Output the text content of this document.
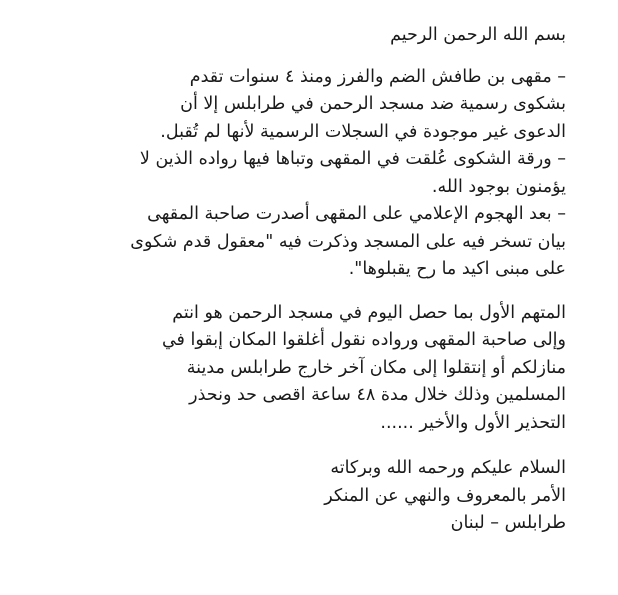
بسم الله الرحمن الرحيم
– مقهى بن طافش الضم والفرز ومنذ ٤ سنوات تقدم
بشكوى رسمية ضد مسجد الرحمن في طرابلس إلا أن
الدعوى غير موجودة في السجلات الرسمية لأنها لم تُقبل.
– ورقة الشكوى عُلقت في المقهى وتباها فيها رواده الذين لا
يؤمنون بوجود الله.
– بعد الهجوم الإعلامي على المقهى أصدرت صاحبة المقهى
بيان تسخر فيه على المسجد وذكرت فيه "معقول قدم شكوى
على مبنى اكيد ما رح يقبلوها".
المتهم الأول بما حصل اليوم في مسجد الرحمن هو انتم
وإلى صاحبة المقهى ورواده نقول أغلقوا المكان إبقوا في
منازلكم أو إنتقلوا إلى مكان آخر خارج طرابلس مدينة
المسلمين وذلك خلال مدة ٤٨ ساعة اقصى حد ونحذر
التحذير الأول والأخير ......
السلام عليكم ورحمه الله وبركاته
الأمر بالمعروف والنهي عن المنكر
طرابلس – لبنان
